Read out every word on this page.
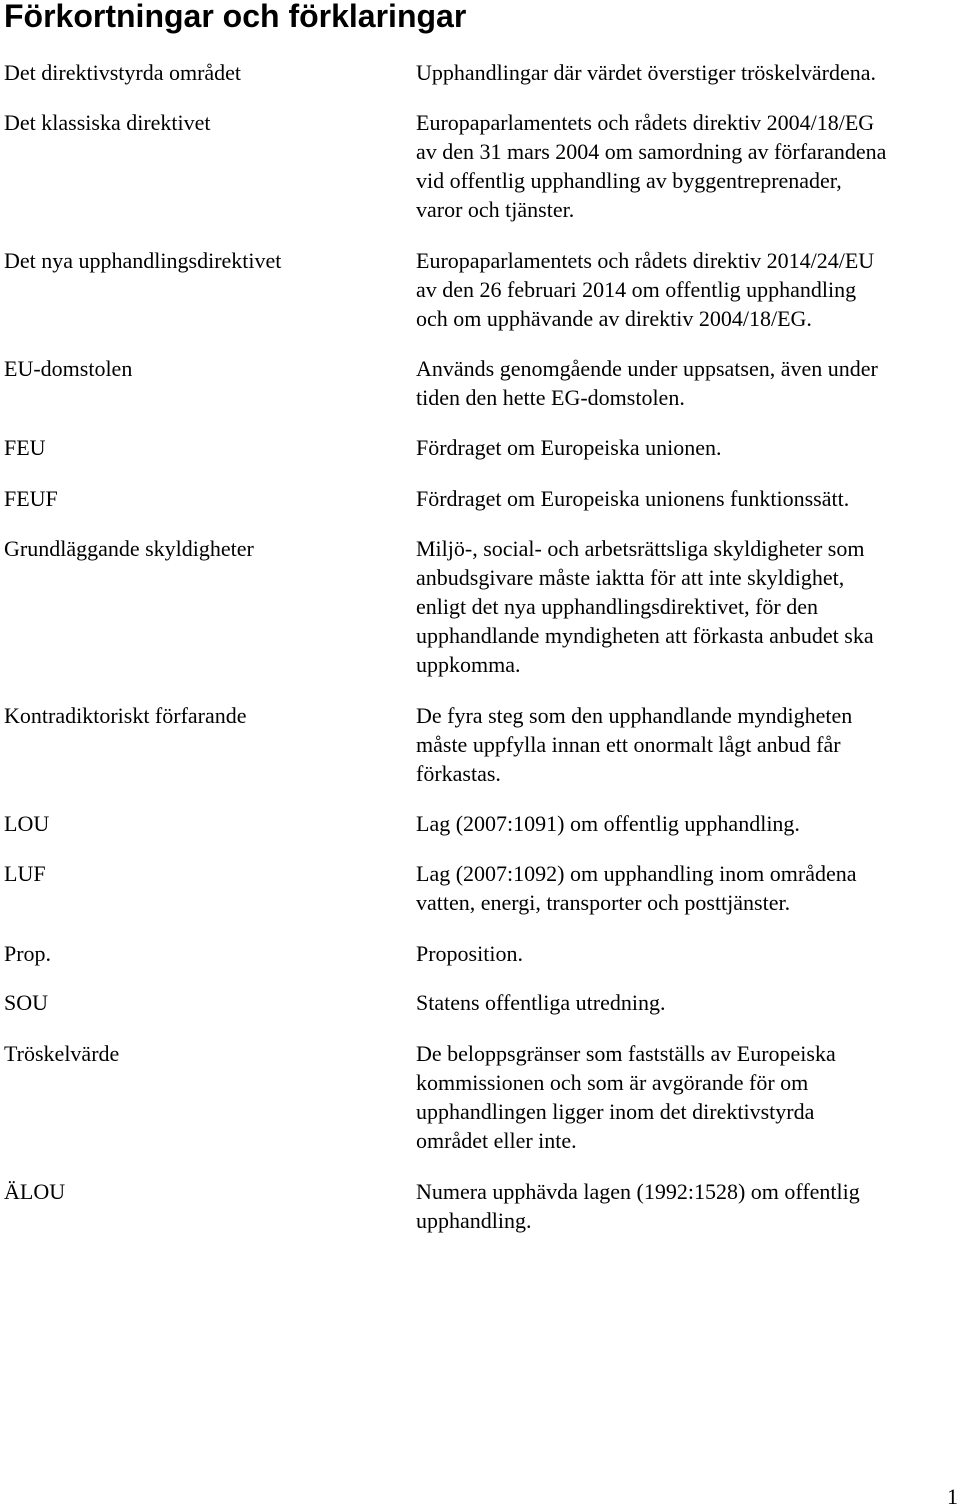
Förkortningar och förklaringar
Det direktivstyrda området	Upphandlingar där värdet överstiger tröskelvärdena.
Det klassiska direktivet	Europaparlamentets och rådets direktiv 2004/18/EG
av den 31 mars 2004 om samordning av förfarandena
vid offentlig upphandling av byggentreprenader,
varor och tjänster.
Det nya upphandlingsdirektivet	Europaparlamentets och rådets direktiv 2014/24/EU
av den 26 februari 2014 om offentlig upphandling
och om upphävande av direktiv 2004/18/EG.
EU-domstolen	Används genomgående under uppsatsen, även under
tiden den hette EG-domstolen.
FEU	Fördraget om Europeiska unionen.
FEUF	Fördraget om Europeiska unionens funktionssätt.
Grundläggande skyldigheter	Miljö-, social- och arbetsrättsliga skyldigheter som
anbudsgivare måste iaktta för att inte skyldighet,
enligt det nya upphandlingsdirektivet, för den
upphandlande myndigheten att förkasta anbudet ska
uppkomma.
Kontradiktoriskt förfarande	De fyra steg som den upphandlande myndigheten
måste uppfylla innan ett onormalt lågt anbud får
förkastas.
LOU	Lag (2007:1091) om offentlig upphandling.
LUF	Lag (2007:1092) om upphandling inom områdena
vatten, energi, transporter och posttjänster.
Prop.	Proposition.
SOU	Statens offentliga utredning.
Tröskelvärde	De beloppsgränser som fastställs av Europeiska
kommissionen och som är avgörande för om
upphandlingen ligger inom det direktivstyrda
området eller inte.
ÄLOU	Numera upphävda lagen (1992:1528) om offentlig
upphandling.
1
